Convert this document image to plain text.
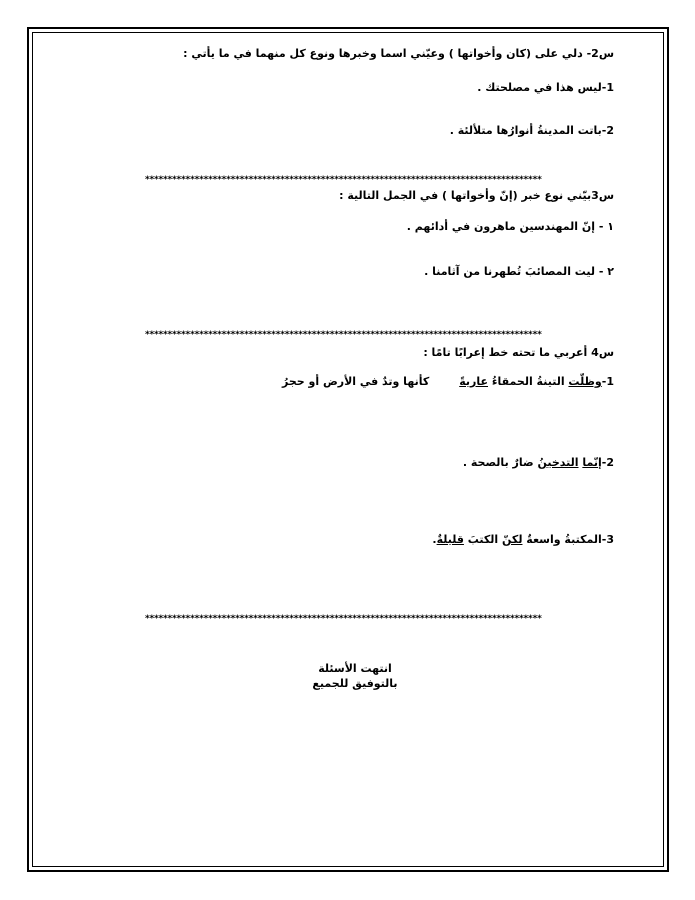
س2- دلي على (كان وأخواتها ) وعيّني اسما وخبرها ونوع كل منهما في ما يأتي :
1-ليس هذا في مصلحتك .
2-باتت المدينةُ أنوارُها متلألئة .
****************************************************************************************
س3بيّني نوع خبر (إنّ وأخواتها ) في الجمل التالية :
١ - إنّ المهندسين ماهرون في أدائهم .
٢ - ليت المصائبَ تُطهرنا من آثامنا .
****************************************************************************************
س4 أعربي ما تحته خط إعرابًا تامًا :
1-وظلّت التينةُ الحمقاءُ عاريةًكأنها وتدٌ في الأرض أو حجرُ
2-إنّما التدخينُ ضارٌ بالصحة .
3-المكتبةُ واسعةٌ لكنّ الكتبَ قليلةٌ.
****************************************************************************************
انتهت الأسئلة
بالتوفيق للجميع
